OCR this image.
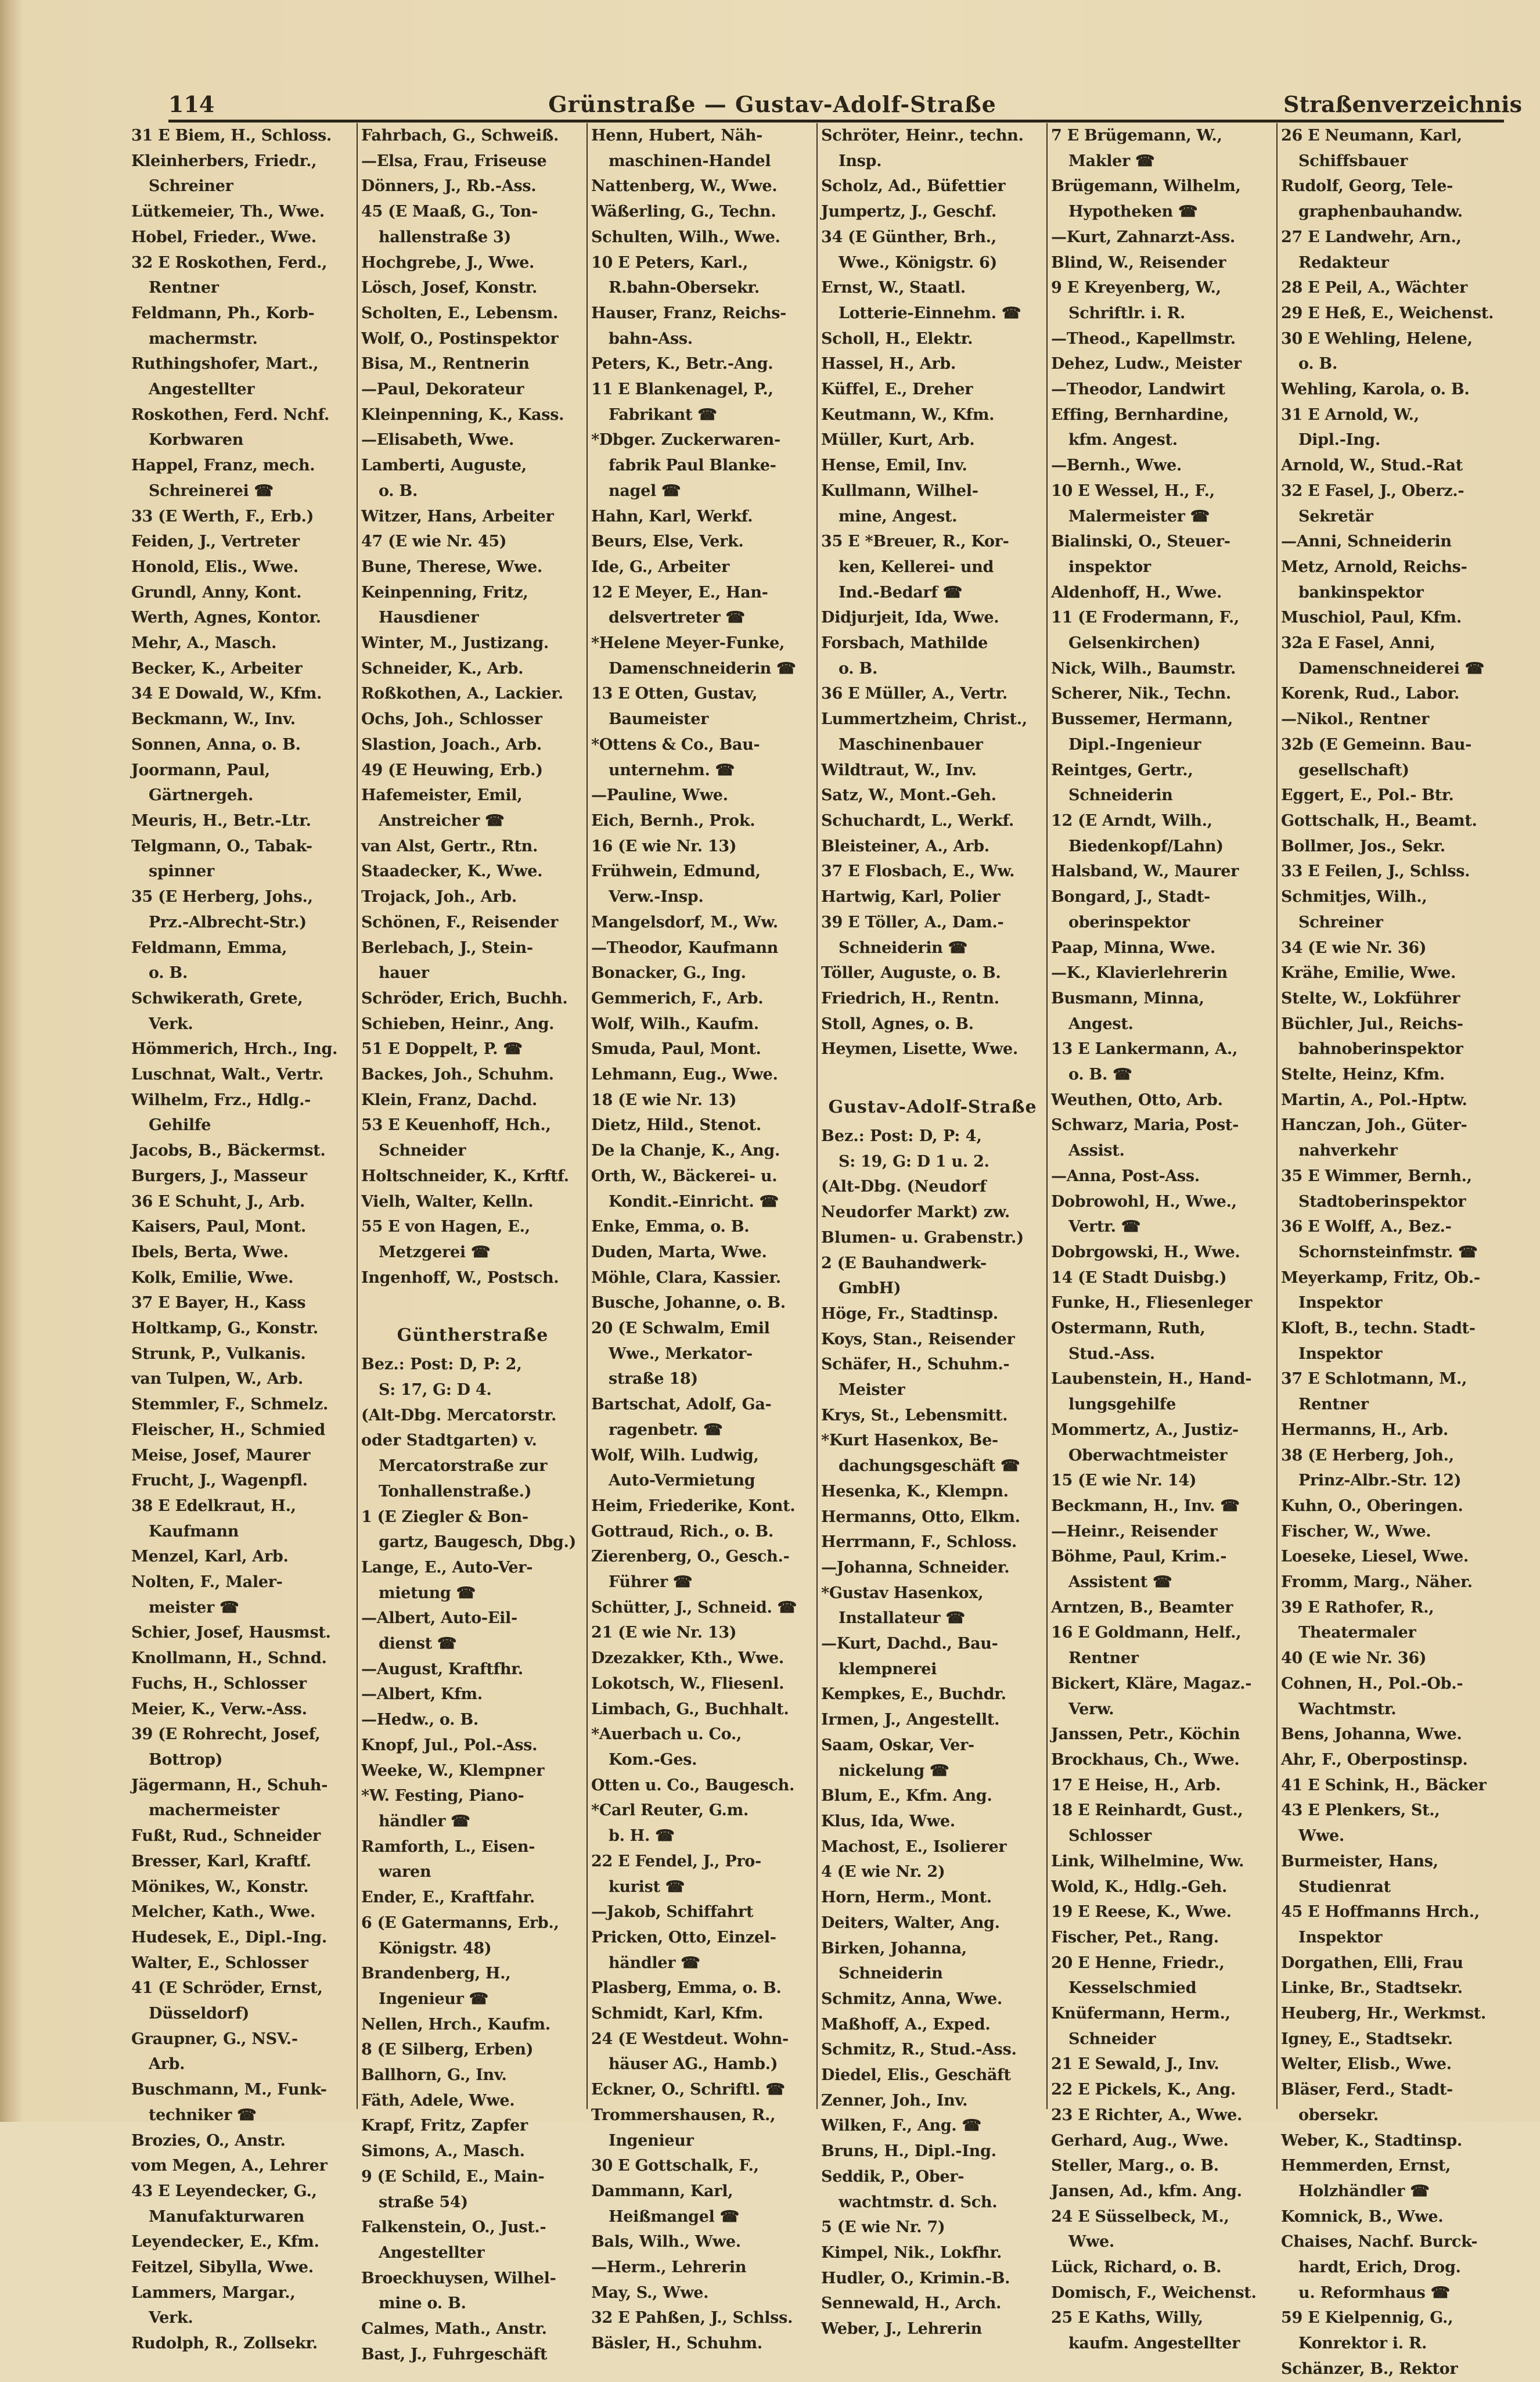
114	Grünstraße — Gustav-Adolf-Straße	Straßenverzeichnis
31 E Biem, H., Schloss.
Kleinherbers, Friedr.,
Schreiner
Lütkemeier, Th., Wwe.
Hobel, Frieder., Wwe.
32 E Roskothen, Ferd.,
Rentner
Feldmann, Ph., Korb-
machermstr.
Ruthingshofer, Mart.,
Angestellter
Roskothen, Ferd. Nchf.
Korbwaren
Happel, Franz, mech.
Schreinerei ☎
33 (E Werth, F., Erb.)
Feiden, J., Vertreter
Honold, Elis., Wwe.
Grundl, Anny, Kont.
Werth, Agnes, Kontor.
Mehr, A., Masch.
Becker, K., Arbeiter
34 E Dowald, W., Kfm.
Beckmann, W., Inv.
Sonnen, Anna, o. B.
Joormann, Paul,
Gärtnergeh.
Meuris, H., Betr.-Ltr.
Telgmann, O., Tabak-
spinner
35 (E Herberg, Johs.,
Prz.-Albrecht-Str.)
Feldmann, Emma,
o. B.
Schwikerath, Grete,
Verk.
Hömmerich, Hrch., Ing.
Luschnat, Walt., Vertr.
Wilhelm, Frz., Hdlg.-
Gehilfe
Jacobs, B., Bäckermst.
Burgers, J., Masseur
36 E Schuht, J., Arb.
Kaisers, Paul, Mont.
Ibels, Berta, Wwe.
Kolk, Emilie, Wwe.
37 E Bayer, H., Kass
Holtkamp, G., Konstr.
Strunk, P., Vulkanis.
van Tulpen, W., Arb.
Stemmler, F., Schmelz.
Fleischer, H., Schmied
Meise, Josef, Maurer
Frucht, J., Wagenpfl.
38 E Edelkraut, H.,
Kaufmann
Menzel, Karl, Arb.
Nolten, F., Maler-
meister ☎
Schier, Josef, Hausmst.
Knollmann, H., Schnd.
Fuchs, H., Schlosser
Meier, K., Verw.-Ass.
39 (E Rohrecht, Josef,
Bottrop)
Jägermann, H., Schuh-
machermeister
Fußt, Rud., Schneider
Bresser, Karl, Kraftf.
Mönikes, W., Konstr.
Melcher, Kath., Wwe.
Hudesek, E., Dipl.-Ing.
Walter, E., Schlosser
41 (E Schröder, Ernst,
Düsseldorf)
Graupner, G., NSV.-
Arb.
Buschmann, M., Funk-
techniker ☎
Brozies, O., Anstr.
vom Megen, A., Lehrer
43 E Leyendecker, G.,
Manufakturwaren
Leyendecker, E., Kfm.
Feitzel, Sibylla, Wwe.
Lammers, Margar.,
Verk.
Rudolph, R., Zollsekr.
Fahrbach, G., Schweiß.
—Elsa, Frau, Friseuse
Dönners, J., Rb.-Ass.
45 (E Maaß, G., Ton-
hallenstraße 3)
Hochgrebe, J., Wwe.
Lösch, Josef, Konstr.
Scholten, E., Lebensm.
Wolf, O., Postinspektor
Bisa, M., Rentnerin
—Paul, Dekorateur
Kleinpenning, K., Kass.
—Elisabeth, Wwe.
Lamberti, Auguste,
o. B.
Witzer, Hans, Arbeiter
47 (E wie Nr. 45)
Bune, Therese, Wwe.
Keinpenning, Fritz,
Hausdiener
Winter, M., Justizang.
Schneider, K., Arb.
Roßkothen, A., Lackier.
Ochs, Joh., Schlosser
Slastion, Joach., Arb.
49 (E Heuwing, Erb.)
Hafemeister, Emil,
Anstreicher ☎
van Alst, Gertr., Rtn.
Staadecker, K., Wwe.
Trojack, Joh., Arb.
Schönen, F., Reisender
Berlebach, J., Stein-
hauer
Schröder, Erich, Buchh.
Schieben, Heinr., Ang.
51 E Doppelt, P. ☎
Backes, Joh., Schuhm.
Klein, Franz, Dachd.
53 E Keuenhoff, Hch.,
Schneider
Holtschneider, K., Krftf.
Vielh, Walter, Kelln.
55 E von Hagen, E.,
Metzgerei ☎
Ingenhoff, W., Postsch.
Güntherstraße
Bez.: Post: D, P: 2,
S: 17, G: D 4.
(Alt-Dbg. Mercatorstr.
oder Stadtgarten) v.
Mercatorstraße zur
Tonhallenstraße.)
1 (E Ziegler & Bon-
gartz, Baugesch, Dbg.)
Lange, E., Auto-Ver-
mietung ☎
—Albert, Auto-Eil-
dienst ☎
—August, Kraftfhr.
—Albert, Kfm.
—Hedw., o. B.
Knopf, Jul., Pol.-Ass.
Weeke, W., Klempner
*W. Festing, Piano-
händler ☎
Ramforth, L., Eisen-
waren
Ender, E., Kraftfahr.
6 (E Gatermanns, Erb.,
Königstr. 48)
Brandenberg, H.,
Ingenieur ☎
Nellen, Hrch., Kaufm.
8 (E Silberg, Erben)
Ballhorn, G., Inv.
Fäth, Adele, Wwe.
Krapf, Fritz, Zapfer
Simons, A., Masch.
9 (E Schild, E., Main-
straße 54)
Falkenstein, O., Just.-
Angestellter
Broeckhuysen, Wilhel-
mine o. B.
Calmes, Math., Anstr.
Bast, J., Fuhrgeschäft
Henn, Hubert, Näh-
maschinen-Handel
Nattenberg, W., Wwe.
Wäßerling, G., Techn.
Schulten, Wilh., Wwe.
10 E Peters, Karl.,
R.bahn-Obersekr.
Hauser, Franz, Reichs-
bahn-Ass.
Peters, K., Betr.-Ang.
11 E Blankenagel, P.,
Fabrikant ☎
*Dbger. Zuckerwaren-
fabrik Paul Blanke-
nagel ☎
Hahn, Karl, Werkf.
Beurs, Else, Verk.
Ide, G., Arbeiter
12 E Meyer, E., Han-
delsvertreter ☎
*Helene Meyer-Funke,
Damenschneiderin ☎
13 E Otten, Gustav,
Baumeister
*Ottens & Co., Bau-
unternehm. ☎
—Pauline, Wwe.
Eich, Bernh., Prok.
16 (E wie Nr. 13)
Frühwein, Edmund,
Verw.-Insp.
Mangelsdorf, M., Ww.
—Theodor, Kaufmann
Bonacker, G., Ing.
Gemmerich, F., Arb.
Wolf, Wilh., Kaufm.
Smuda, Paul, Mont.
Lehmann, Eug., Wwe.
18 (E wie Nr. 13)
Dietz, Hild., Stenot.
De la Chanje, K., Ang.
Orth, W., Bäckerei- u.
Kondit.-Einricht. ☎
Enke, Emma, o. B.
Duden, Marta, Wwe.
Möhle, Clara, Kassier.
Busche, Johanne, o. B.
20 (E Schwalm, Emil
Wwe., Merkator-
straße 18)
Bartschat, Adolf, Ga-
ragenbetr. ☎
Wolf, Wilh. Ludwig,
Auto-Vermietung
Heim, Friederike, Kont.
Gottraud, Rich., o. B.
Zierenberg, O., Gesch.-
Führer ☎
Schütter, J., Schneid. ☎
21 (E wie Nr. 13)
Dzezakker, Kth., Wwe.
Lokotsch, W., Fliesenl.
Limbach, G., Buchhalt.
*Auerbach u. Co.,
Kom.-Ges.
Otten u. Co., Baugesch.
*Carl Reuter, G.m.
b. H. ☎
22 E Fendel, J., Pro-
kurist ☎
—Jakob, Schiffahrt
Pricken, Otto, Einzel-
händler ☎
Plasberg, Emma, o. B.
Schmidt, Karl, Kfm.
24 (E Westdeut. Wohn-
häuser AG., Hamb.)
Eckner, O., Schriftl. ☎
Trommershausen, R.,
Ingenieur
30 E Gottschalk, F.,
Dammann, Karl,
Heißmangel ☎
Bals, Wilh., Wwe.
—Herm., Lehrerin
May, S., Wwe.
32 E Pahßen, J., Schlss.
Bäsler, H., Schuhm.
Schröter, Heinr., techn.
Insp.
Scholz, Ad., Büfettier
Jumpertz, J., Geschf.
34 (E Günther, Brh.,
Wwe., Königstr. 6)
Ernst, W., Staatl.
Lotterie-Einnehm. ☎
Scholl, H., Elektr.
Hassel, H., Arb.
Küffel, E., Dreher
Keutmann, W., Kfm.
Müller, Kurt, Arb.
Hense, Emil, Inv.
Kullmann, Wilhel-
mine, Angest.
35 E *Breuer, R., Kor-
ken, Kellerei- und
Ind.-Bedarf ☎
Didjurjeit, Ida, Wwe.
Forsbach, Mathilde
o. B.
36 E Müller, A., Vertr.
Lummertzheim, Christ.,
Maschinenbauer
Wildtraut, W., Inv.
Satz, W., Mont.-Geh.
Schuchardt, L., Werkf.
Bleisteiner, A., Arb.
37 E Flosbach, E., Ww.
Hartwig, Karl, Polier
39 E Töller, A., Dam.-
Schneiderin ☎
Töller, Auguste, o. B.
Friedrich, H., Rentn.
Stoll, Agnes, o. B.
Heymen, Lisette, Wwe.
Gustav-Adolf-Straße
Bez.: Post: D, P: 4,
S: 19, G: D 1 u. 2.
(Alt-Dbg. (Neudorf
Neudorfer Markt) zw.
Blumen- u. Grabenstr.)
2 (E Bauhandwerk-
GmbH)
Höge, Fr., Stadtinsp.
Koys, Stan., Reisender
Schäfer, H., Schuhm.-
Meister
Krys, St., Lebensmitt.
*Kurt Hasenkox, Be-
dachungsgeschäft ☎
Hesenka, K., Klempn.
Hermanns, Otto, Elkm.
Herrmann, F., Schloss.
—Johanna, Schneider.
*Gustav Hasenkox,
Installateur ☎
—Kurt, Dachd., Bau-
klempnerei
Kempkes, E., Buchdr.
Irmen, J., Angestellt.
Saam, Oskar, Ver-
nickelung ☎
Blum, E., Kfm. Ang.
Klus, Ida, Wwe.
Machost, E., Isolierer
4 (E wie Nr. 2)
Horn, Herm., Mont.
Deiters, Walter, Ang.
Birken, Johanna,
Schneiderin
Schmitz, Anna, Wwe.
Maßhoff, A., Exped.
Schmitz, R., Stud.-Ass.
Diedel, Elis., Geschäft
Zenner, Joh., Inv.
Wilken, F., Ang. ☎
Bruns, H., Dipl.-Ing.
Seddik, P., Ober-
wachtmstr. d. Sch.
5 (E wie Nr. 7)
Kimpel, Nik., Lokfhr.
Hudler, O., Krimin.-B.
Sennewald, H., Arch.
Weber, J., Lehrerin
7 E Brügemann, W.,
Makler ☎
Brügemann, Wilhelm,
Hypotheken ☎
—Kurt, Zahnarzt-Ass.
Blind, W., Reisender
9 E Kreyenberg, W.,
Schriftlr. i. R.
—Theod., Kapellmstr.
Dehez, Ludw., Meister
—Theodor, Landwirt
Effing, Bernhardine,
kfm. Angest.
—Bernh., Wwe.
10 E Wessel, H., F.,
Malermeister ☎
Bialinski, O., Steuer-
inspektor
Aldenhoff, H., Wwe.
11 (E Frodermann, F.,
Gelsenkirchen)
Nick, Wilh., Baumstr.
Scherer, Nik., Techn.
Bussemer, Hermann,
Dipl.-Ingenieur
Reintges, Gertr.,
Schneiderin
12 (E Arndt, Wilh.,
Biedenkopf/Lahn)
Halsband, W., Maurer
Bongard, J., Stadt-
oberinspektor
Paap, Minna, Wwe.
—K., Klavierlehrerin
Busmann, Minna,
Angest.
13 E Lankermann, A.,
o. B. ☎
Weuthen, Otto, Arb.
Schwarz, Maria, Post-
Assist.
—Anna, Post-Ass.
Dobrowohl, H., Wwe.,
Vertr. ☎
Dobrgowski, H., Wwe.
14 (E Stadt Duisbg.)
Funke, H., Fliesenleger
Ostermann, Ruth,
Stud.-Ass.
Laubenstein, H., Hand-
lungsgehilfe
Mommertz, A., Justiz-
Oberwachtmeister
15 (E wie Nr. 14)
Beckmann, H., Inv. ☎
—Heinr., Reisender
Böhme, Paul, Krim.-
Assistent ☎
Arntzen, B., Beamter
16 E Goldmann, Helf.,
Rentner
Bickert, Kläre, Magaz.-
Verw.
Janssen, Petr., Köchin
Brockhaus, Ch., Wwe.
17 E Heise, H., Arb.
18 E Reinhardt, Gust.,
Schlosser
Link, Wilhelmine, Ww.
Wold, K., Hdlg.-Geh.
19 E Reese, K., Wwe.
Fischer, Pet., Rang.
20 E Henne, Friedr.,
Kesselschmied
Knüfermann, Herm.,
Schneider
21 E Sewald, J., Inv.
22 E Pickels, K., Ang.
23 E Richter, A., Wwe.
Gerhard, Aug., Wwe.
Steller, Marg., o. B.
Jansen, Ad., kfm. Ang.
24 E Süsselbeck, M.,
Wwe.
Lück, Richard, o. B.
Domisch, F., Weichenst.
25 E Kaths, Willy,
kaufm. Angestellter
26 E Neumann, Karl,
Schiffsbauer
Rudolf, Georg, Tele-
graphenbauhandw.
27 E Landwehr, Arn.,
Redakteur
28 E Peil, A., Wächter
29 E Heß, E., Weichenst.
30 E Wehling, Helene,
o. B.
Wehling, Karola, o. B.
31 E Arnold, W.,
Dipl.-Ing.
Arnold, W., Stud.-Rat
32 E Fasel, J., Oberz.-
Sekretär
—Anni, Schneiderin
Metz, Arnold, Reichs-
bankinspektor
Muschiol, Paul, Kfm.
32a E Fasel, Anni,
Damenschneiderei ☎
Korenk, Rud., Labor.
—Nikol., Rentner
32b (E Gemeinn. Bau-
gesellschaft)
Eggert, E., Pol.- Btr.
Gottschalk, H., Beamt.
Bollmer, Jos., Sekr.
33 E Feilen, J., Schlss.
Schmitjes, Wilh.,
Schreiner
34 (E wie Nr. 36)
Krähe, Emilie, Wwe.
Stelte, W., Lokführer
Büchler, Jul., Reichs-
bahnoberinspektor
Stelte, Heinz, Kfm.
Martin, A., Pol.-Hptw.
Hanczan, Joh., Güter-
nahverkehr
35 E Wimmer, Bernh.,
Stadtoberinspektor
36 E Wolff, A., Bez.-
Schornsteinfmstr. ☎
Meyerkamp, Fritz, Ob.-
Inspektor
Kloft, B., techn. Stadt-
Inspektor
37 E Schlotmann, M.,
Rentner
Hermanns, H., Arb.
38 (E Herberg, Joh.,
Prinz-Albr.-Str. 12)
Kuhn, O., Oberingen.
Fischer, W., Wwe.
Loeseke, Liesel, Wwe.
Fromm, Marg., Näher.
39 E Rathofer, R.,
Theatermaler
40 (E wie Nr. 36)
Cohnen, H., Pol.-Ob.-
Wachtmstr.
Bens, Johanna, Wwe.
Ahr, F., Oberpostinsp.
41 E Schink, H., Bäcker
43 E Plenkers, St.,
Wwe.
Burmeister, Hans,
Studienrat
45 E Hoffmanns Hrch.,
Inspektor
Dorgathen, Elli, Frau
Linke, Br., Stadtsekr.
Heuberg, Hr., Werkmst.
Igney, E., Stadtsekr.
Welter, Elisb., Wwe.
Bläser, Ferd., Stadt-
obersekr.
Weber, K., Stadtinsp.
Hemmerden, Ernst,
Holzhändler ☎
Komnick, B., Wwe.
Chaises, Nachf. Burck-
hardt, Erich, Drog.
u. Reformhaus ☎
59 E Kielpennig, G.,
Konrektor i. R.
Schänzer, B., Rektor
